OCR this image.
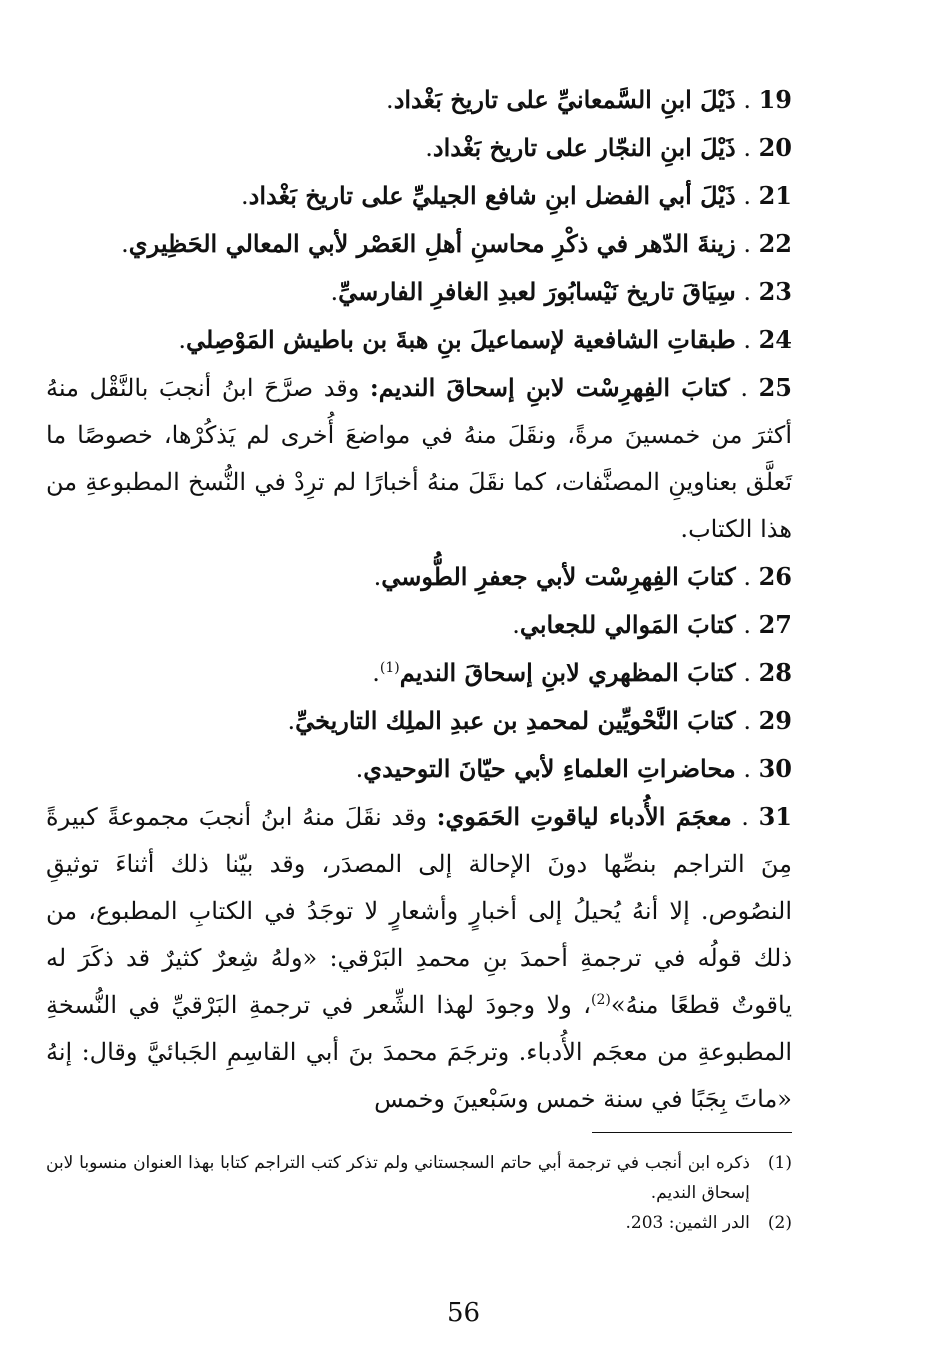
19 . ذَيْلَ ابنِ السَّمعانيِّ على تاريخ بَغْداد.

20 . ذَيْلَ ابنِ النجّار على تاريخ بَغْداد.

21 . ذَيْلَ أبي الفضل ابنِ شافع الجيليِّ على تاريخ بَغْداد.

22 . زينةَ الدّهر في ذكْرِ محاسنِ أهلِ العَصْر لأبي المعالي الحَظِيري.

23 . سِيَاقَ تاريخ نَيْسابُورَ لعبدِ الغافرِ الفارسيِّ.

24 . طبقاتِ الشافعية لإسماعيلَ بنِ هبةَ بن باطيش المَوْصِلي.

25 . كتابَ الفِهرِسْت لابنِ إسحاقَ النديم: وقد صرَّحَ ابنُ أنجبَ بالنَّقْل منهُ أكثرَ من خمسينَ مرةً، ونقَلَ منهُ في مواضعَ أُخرى لم يَذكُرْها، خصوصًا ما تَعلَّق بعناوينِ المصنَّفات، كما نقَلَ منهُ أخبارًا لم ترِدْ في النُّسخ المطبوعةِ من هذا الكتاب.

26 . كتابَ الفِهرِسْت لأبي جعفرِ الطُّوسي.

27 . كتابَ المَوالي للجعابي.

28 . كتابَ المظهري لابنِ إسحاقَ النديم$^{(1)}$.

29 . كتابَ النَّحْويِّين لمحمدِ بن عبدِ الملِك التاريخيِّ.

30 . محاضراتِ العلماءِ لأبي حيّانَ التوحيدي.

31 . معجَمَ الأُدباء لياقوتِ الحَمَوي: وقد نقَلَ منهُ ابنُ أنجبَ مجموعةً كبيرةً مِنَ التراجم بنصِّها دونَ الإحالة إلى المصدَر، وقد بيّنا ذلك أثناءَ توثيقِ النصُوص. إلا أنهُ يُحيلُ إلى أخبارٍ وأشعارٍ لا توجَدُ في الكتابِ المطبوع، من ذلك قولُه في ترجمةِ أحمدَ بنِ محمدِ البَرْقي: «ولهُ شِعرٌ كثيرٌ قد ذكَرَ له ياقوتٌ قطعًا منهُ»$^{(2)}$، ولا وجودَ لهذا الشِّعر في ترجمةِ البَرْقيِّ في النُّسخةِ المطبوعةِ من معجَم الأُدباء. وترجَمَ محمدَ بنَ أبي القاسِمِ الجَبائيَّ وقال: إنهُ «ماتَ بِجَبًا في سنة خمس وسَبْعينَ وخمس

(1)
ذكره ابن أنجب في ترجمة أبي حاتم السجستاني ولم تذكر كتب التراجم كتابا بهذا العنوان منسوبا لابن إسحاق النديم.
(2)
الدر الثمين: 203.
56
